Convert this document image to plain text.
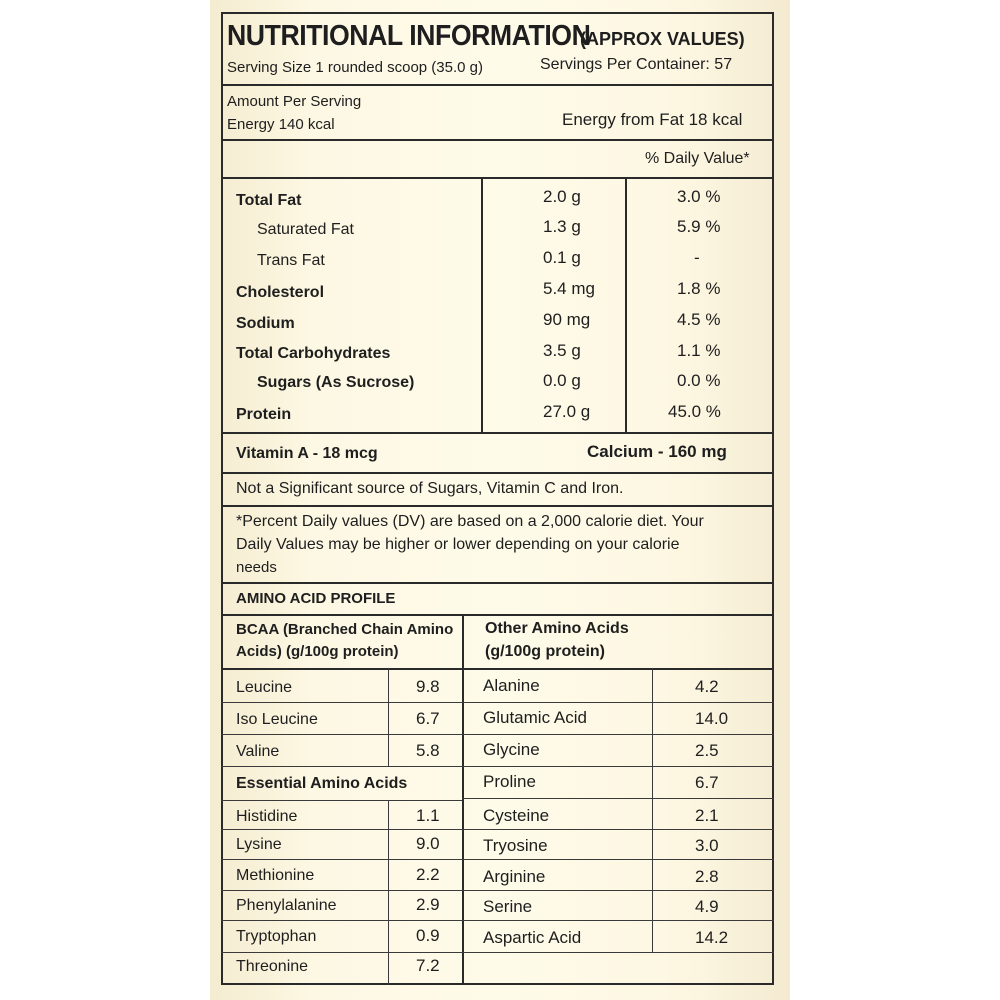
NUTRITIONAL INFORMATION
(APPROX VALUES)
Serving Size 1 rounded scoop (35.0 g)	Servings Per Container: 57
Amount Per Serving
Energy 140 kcal	Energy from Fat 18 kcal
% Daily Value*
Total Fat	2.0 g	3.0 %
Saturated Fat	1.3 g	5.9 %
Trans Fat	0.1 g	-
Cholesterol	5.4 mg	1.8 %
Sodium	90 mg	4.5 %
Total Carbohydrates	3.5 g	1.1 %
Sugars (As Sucrose)	0.0 g	0.0 %
Protein	27.0 g	45.0 %
Vitamin A - 18 mcg	Calcium - 160 mg
Not a Significant source of Sugars, Vitamin C and Iron.
*Percent Daily values (DV) are based on a 2,000 calorie diet. Your
Daily Values may be higher or lower depending on your calorie
needs
AMINO ACID PROFILE
BCAA (Branched Chain Amino
Acids) (g/100g protein)
Other Amino Acids
(g/100g protein)
Leucine	9.8
Iso Leucine	6.7
Valine	5.8
Essential Amino Acids
Histidine	1.1
Lysine	9.0
Methionine	2.2
Phenylalanine	2.9
Tryptophan	0.9
Threonine	7.2
Alanine	4.2
Glutamic Acid	14.0
Glycine	2.5
Proline	6.7
Cysteine	2.1
Tryosine	3.0
Arginine	2.8
Serine	4.9
Aspartic Acid	14.2
